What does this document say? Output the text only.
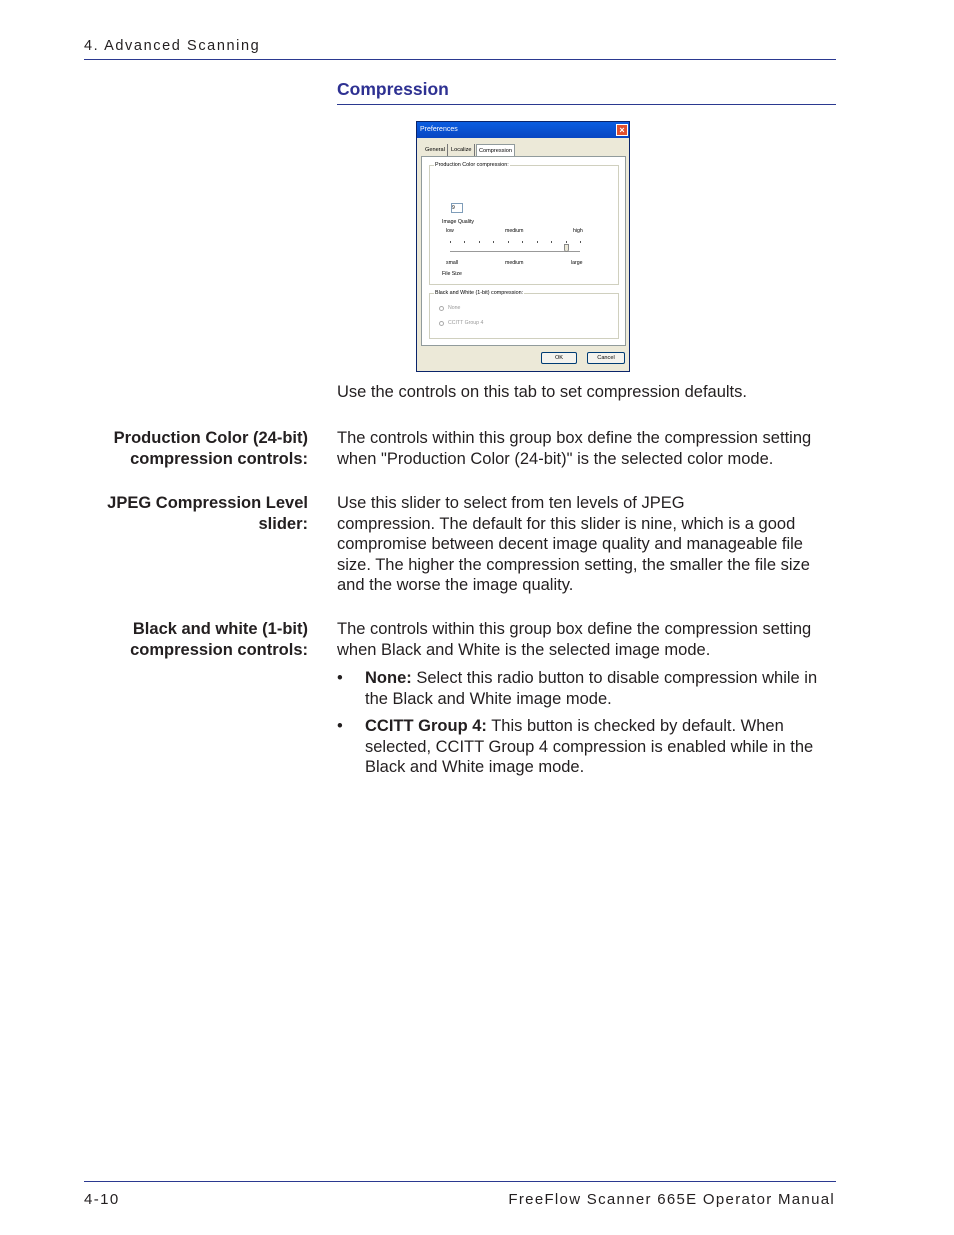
4. Advanced Scanning
Compression
Preferences	×
General	Localize	Compression
Production Color compression:
9
Image Quality
low	medium	high
small	medium	large
File Size
Black and White (1-bit) compression:
None
CCITT Group 4
OK	Cancel
Use the controls on this tab to set compression defaults.
Production Color (24-bit)
compression controls:
The controls within this group box define the compression setting
when "Production Color (24-bit)" is the selected color mode.
JPEG Compression Level
slider:
Use this slider to select from ten levels of JPEG
compression. The default for this slider is nine, which is a good
compromise between decent image quality and manageable file
size. The higher the compression setting, the smaller the file size
and the worse the image quality.
Black and white (1-bit)
compression controls:
The controls within this group box define the compression setting
when Black and White is the selected image mode.
• None: Select this radio button to disable compression while in
the Black and White image mode.
• CCITT Group 4: This button is checked by default. When
selected, CCITT Group 4 compression is enabled while in the
Black and White image mode.
4-10	FreeFlow Scanner 665E Operator Manual
